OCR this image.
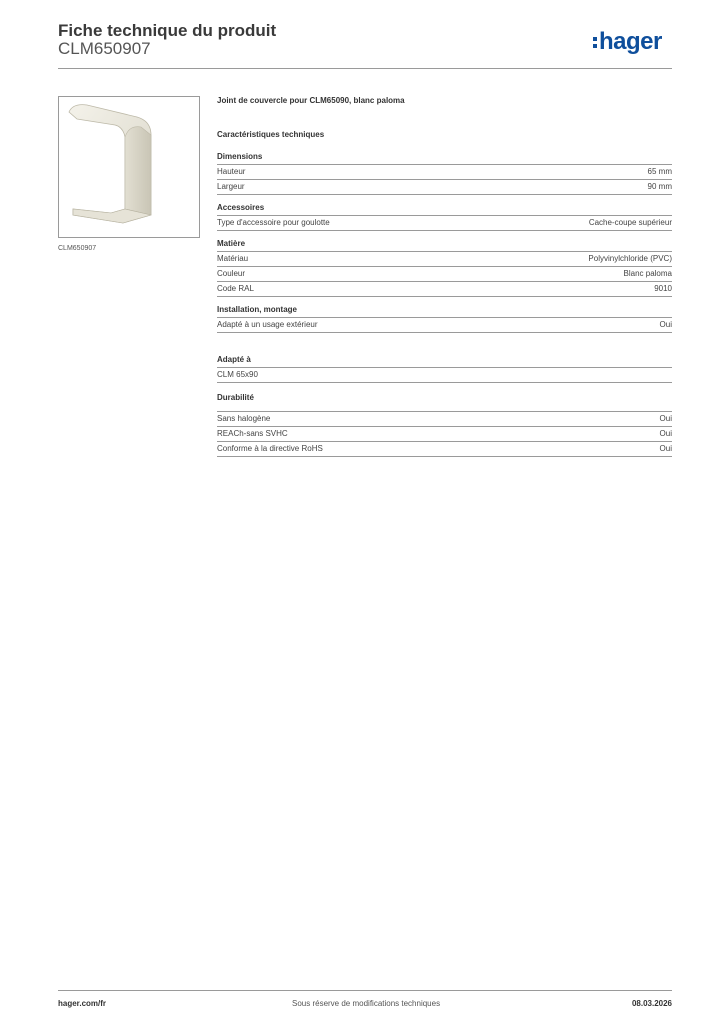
Fiche technique du produit
CLM650907	hager
CLM650907
Joint de couvercle pour CLM65090, blanc paloma
Caractéristiques techniques
Dimensions
Hauteur	65 mm
Largeur	90 mm
Accessoires
Type d'accessoire pour goulotte	Cache-coupe supérieur
Matière
Matériau	Polyvinylchloride (PVC)
Couleur	Blanc paloma
Code RAL	9010
Installation, montage
Adapté à un usage extérieur	Oui
Adapté à
CLM 65x90
Durabilité
Sans halogène	Oui
REACh-sans SVHC	Oui
Conforme à la directive RoHS	Oui
hager.com/fr	Sous réserve de modifications techniques	08.03.2026
